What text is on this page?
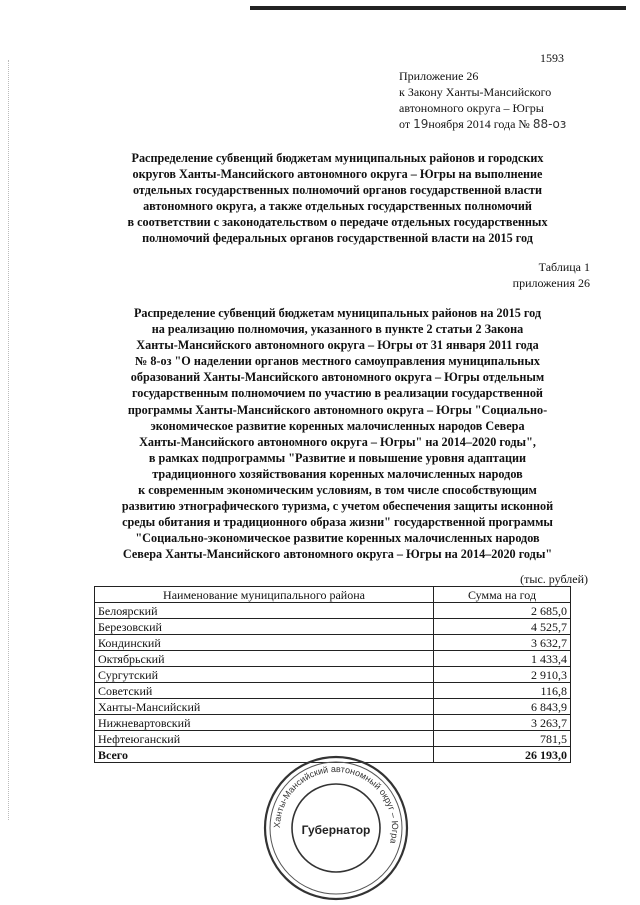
1593
Приложение 26
к Закону Ханты-Мансийского
автономного округа – Югры
от 19ноября 2014 года № 88-оз
Распределение субвенций бюджетам муниципальных районов и городских
округов Ханты-Мансийского автономного округа – Югры на выполнение
отдельных государственных полномочий органов государственной власти
автономного округа, а также отдельных государственных полномочий
в соответствии с законодательством о передаче отдельных государственных
полномочий федеральных органов государственной власти на 2015 год
Таблица 1
приложения 26
Распределение субвенций бюджетам муниципальных районов на 2015 год
на реализацию полномочия, указанного в пункте 2 статьи 2 Закона
Ханты-Мансийского автономного округа – Югры от 31 января 2011 года
№ 8-оз "О наделении органов местного самоуправления муниципальных
образований Ханты-Мансийского автономного округа – Югры отдельным
государственным полномочием по участию в реализации государственной
программы Ханты-Мансийского автономного округа – Югры "Социально-
экономическое развитие коренных малочисленных народов Севера
Ханты-Мансийского автономного округа – Югры" на 2014–2020 годы",
в рамках подпрограммы "Развитие и повышение уровня адаптации
традиционного хозяйствования коренных малочисленных народов
к современным экономическим условиям, в том числе способствующим
развитию этнографического туризма, с учетом обеспечения защиты исконной
среды обитания и традиционного образа жизни" государственной программы
"Социально-экономическое развитие коренных малочисленных народов
Севера Ханты-Мансийского автономного округа – Югры на 2014–2020 годы"
(тыс. рублей)
Наименование муниципального района	Сумма на год
Белоярский	2 685,0
Березовский	4 525,7
Кондинский	3 632,7
Октябрьский	1 433,4
Сургутский	2 910,3
Советский	116,8
Ханты-Мансийский	6 843,9
Нижневартовский	3 263,7
Нефтеюганский	781,5
Всего	26 193,0
Ханты-Мансийский автономный округ – Югра
Губернатор
